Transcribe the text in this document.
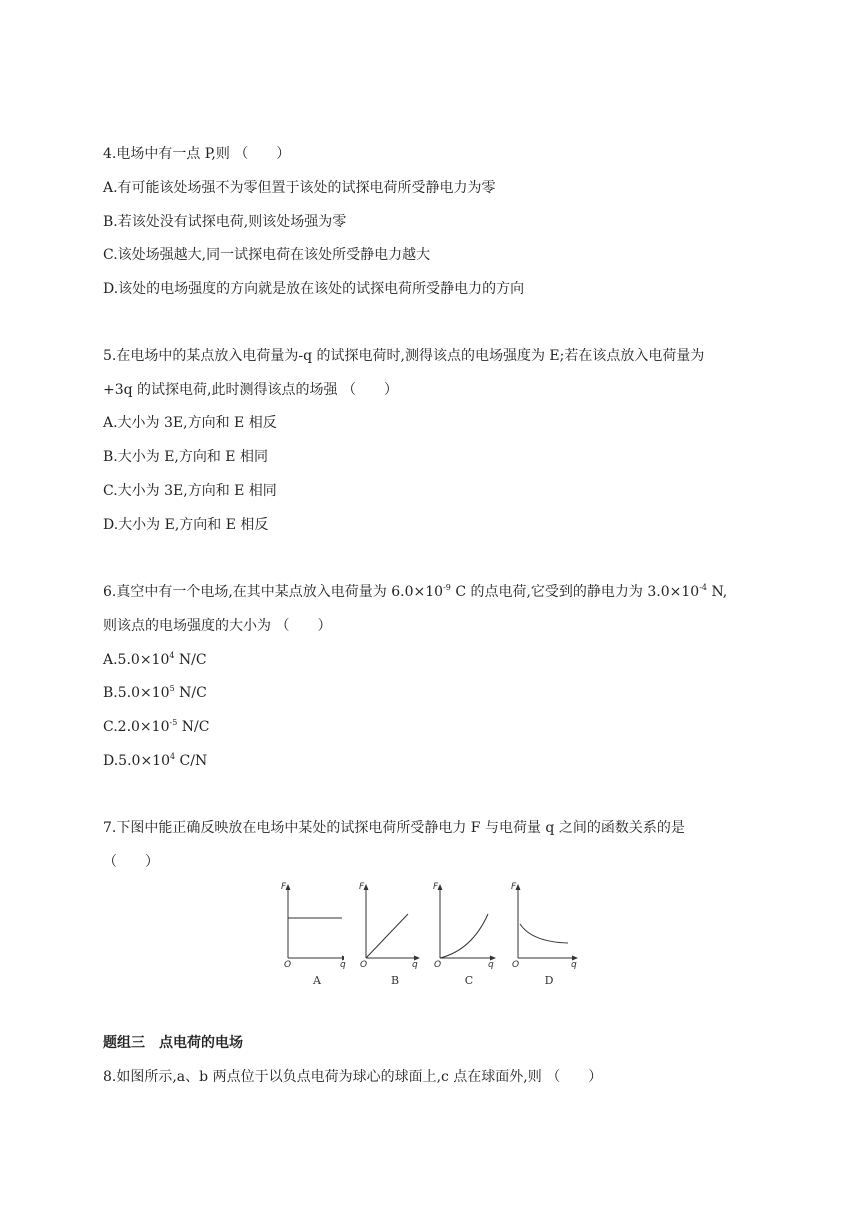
4.电场中有一点 P,则 （　　）
A.有可能该处场强不为零但置于该处的试探电荷所受静电力为零
B.若该处没有试探电荷,则该处场强为零
C.该处场强越大,同一试探电荷在该处所受静电力越大
D.该处的电场强度的方向就是放在该处的试探电荷所受静电力的方向
5.在电场中的某点放入电荷量为-q 的试探电荷时,测得该点的电场强度为 E;若在该点放入电荷量为
+3q 的试探电荷,此时测得该点的场强 （　　）
A.大小为 3E,方向和 E 相反
B.大小为 E,方向和 E 相同
C.大小为 3E,方向和 E 相同
D.大小为 E,方向和 E 相反
6.真空中有一个电场,在其中某点放入电荷量为 $6.0\times 10^{-9}$ C 的点电荷,它受到的静电力为 $3.0\times 10^{-4}$ N,
则该点的电场强度的大小为 （　　）
$A.5.0\times 10^4$ N/C
$B.5.0\times 10^5$ N/C
$C.2.0\times 10^{-5}$ N/C
$D.5.0\times 10^4$ C/N
7.下图中能正确反映放在电场中某处的试探电荷所受静电力 F 与电荷量 q 之间的函数关系的是
（　　）
F
O	q
A
F
O	q
B
F
O	q
C
F
O	q
D
题组三　点电荷的电场
8.如图所示,a、b 两点位于以负点电荷为球心的球面上,c 点在球面外,则 （　　）
